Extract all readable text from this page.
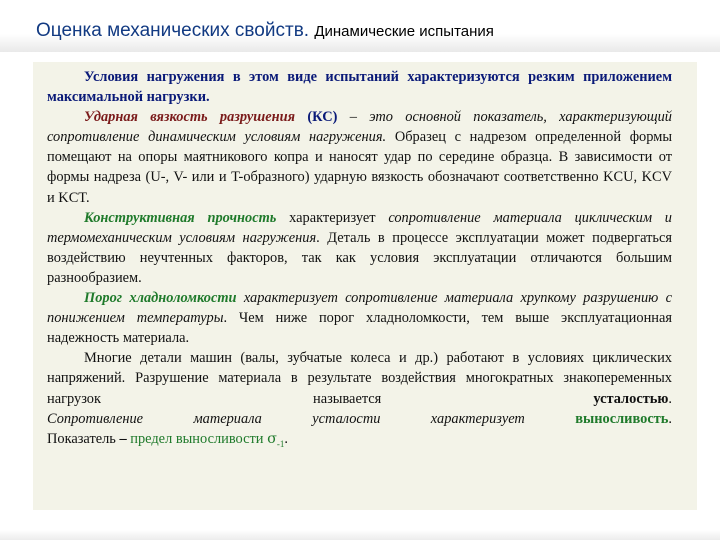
Оценка механических свойств. Динамические испытания

Условия нагружения в этом виде испытаний характеризуются резким приложением максимальной нагрузки.

Ударная вязкость разрушения (КС) – это основной показатель, характеризующий сопротивление динамическим условиям нагружения. Образец с надрезом определенной формы помещают на опоры маятникового копра и наносят удар по середине образца. В зависимости от формы надреза (U-, V- или и T-образного) ударную вязкость обозначают соответственно KCU, KCV и KCT.

Конструктивная прочность характеризует сопротивление материала циклическим и термомеханическим условиям нагружения. Деталь в процессе эксплуатации может подвергаться воздействию неучтенных факторов, так как условия эксплуатации отличаются большим разнообразием.

Порог хладноломкости характеризует сопротивление материала хрупкому разрушению с понижением температуры. Чем ниже порог хладноломкости, тем выше эксплуатационная надежность материала.

Многие детали машин (валы, зубчатые колеса и др.) работают в условиях циклических напряжений. Разрушение материала в результате воздействия многократных знакопеременных нагрузок называется усталостью.

Сопротивление материала усталости характеризует выносливость.

Показатель – предел выносливости $\sigma_{-1}$.
